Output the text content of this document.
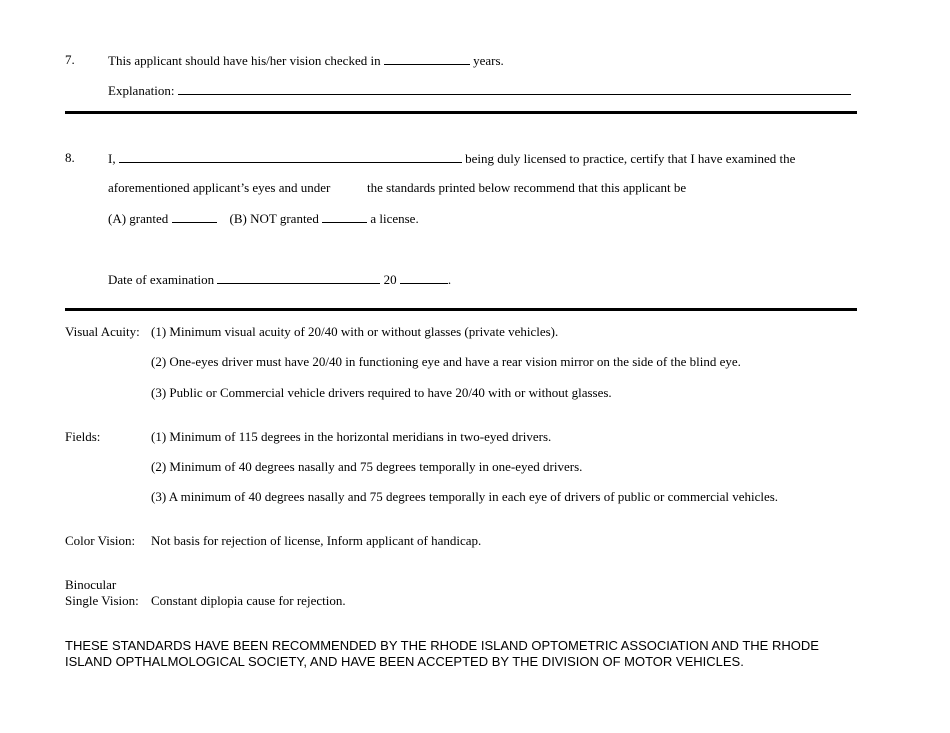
7.	This applicant should have his/her vision checked in	years.
Explanation:
8.	I,	being duly licensed to practice, certify that I have examined the
aforementioned applicant’s eyes and under	the standards printed below recommend that this applicant be
(A) granted	(B) NOT granted	a license.
Date of examination	20	.
Visual Acuity: (1) Minimum visual acuity of 20/40 with or without glasses (private vehicles).
(2) One-eyes driver must have 20/40 in functioning eye and have a rear vision mirror on the side of the blind eye.
(3) Public or Commercial vehicle drivers required to have 20/40 with or without glasses.
Fields:	(1) Minimum of 115 degrees in the horizontal meridians in two-eyed drivers.
(2) Minimum of 40 degrees nasally and 75 degrees temporally in one-eyed drivers.
(3) A minimum of 40 degrees nasally and 75 degrees temporally in each eye of drivers of public or commercial vehicles.
Color Vision: Not basis for rejection of license, Inform applicant of handicap.
Binocular
Single Vision: Constant diplopia cause for rejection.
THESE STANDARDS HAVE BEEN RECOMMENDED BY THE RHODE ISLAND OPTOMETRIC ASSOCIATION AND THE RHODE
ISLAND OPTHALMOLOGICAL SOCIETY, AND HAVE BEEN ACCEPTED BY THE DIVISION OF MOTOR VEHICLES.
